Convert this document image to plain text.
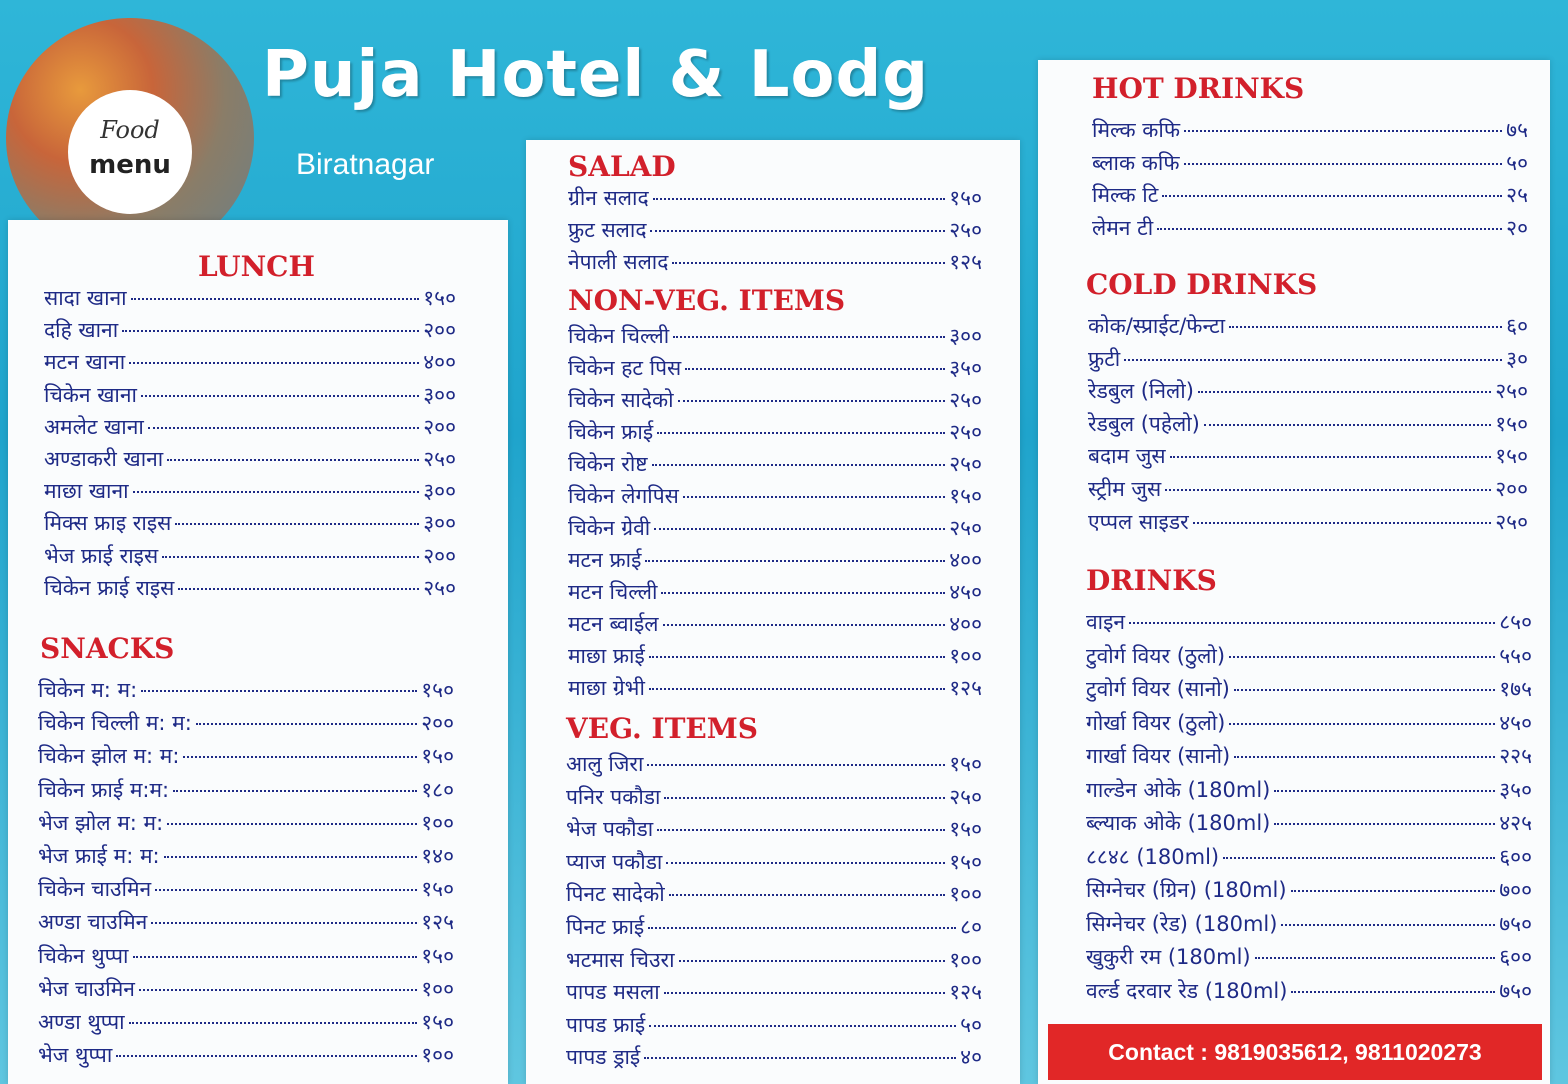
Food
menu
Puja Hotel & Lodg
Biratnagar
LUNCH
सादा खाना	१५०
दहि खाना	२००
मटन खाना	४००
चिकेन खाना	३००
अमलेट खाना	२००
अण्डाकरी खाना	२५०
माछा खाना	३००
मिक्स फ्राइ राइस	३००
भेज फ्राई राइस	२००
चिकेन फ्राई राइस	२५०
SNACKS
चिकेन म: म:	१५०
चिकेन चिल्ली म: म:	२००
चिकेन झोल म: म:	१५०
चिकेन फ्राई म:म:	१८०
भेज झोल म: म:	१००
भेज फ्राई म: म:	१४०
चिकेन चाउमिन	१५०
अण्डा चाउमिन	१२५
चिकेन थुप्पा	१५०
भेज चाउमिन	१००
अण्डा थुप्पा	१५०
भेज थुप्पा	१००
SALAD
ग्रीन सलाद	१५०
फ्रुट सलाद	२५०
नेपाली सलाद	१२५
NON-VEG. ITEMS
चिकेन चिल्ली	३००
चिकेन हट पिस	३५०
चिकेन सादेको	२५०
चिकेन फ्राई	२५०
चिकेन रोष्ट	२५०
चिकेन लेगपिस	१५०
चिकेन ग्रेवी	२५०
मटन फ्राई	४००
मटन चिल्ली	४५०
मटन ब्वाईल	४००
माछा फ्राई	१००
माछा ग्रेभी	१२५
VEG. ITEMS
आलु जिरा	१५०
पनिर पकौडा	२५०
भेज पकौडा	१५०
प्याज पकौडा	१५०
पिनट सादेको	१००
पिनट फ्राई	८०
भटमास चिउरा	१००
पापड मसला	१२५
पापड फ्राई	५०
पापड ड्राई	४०
HOT DRINKS
मिल्क कफि	७५
ब्लाक कफि	५०
मिल्क टि	२५
लेमन टी	२०
COLD DRINKS
कोक/स्प्राईट/फेन्टा	६०
फ्रुटी	३०
रेडबुल (निलो)	२५०
रेडबुल (पहेलो)	१५०
बदाम जुस	१५०
स्ट्रीम जुस	२००
एप्पल साइडर	२५०
DRINKS
वाइन	८५०
टुवोर्ग वियर (ठुलो)	५५०
टुवोर्ग वियर (सानो)	१७५
गोर्खा वियर (ठुलो)	४५०
गार्खा वियर (सानो)	२२५
गाल्डेन ओके (180ml)	३५०
ब्ल्याक ओके (180ml)	४२५
८८४८ (180ml)	६००
सिग्नेचर (ग्रिन) (180ml)	७००
सिग्नेचर (रेड) (180ml)	७५०
खुकुरी रम (180ml)	६००
वर्ल्ड दरवार रेड (180ml)	७५०
Contact : 9819035612, 9811020273
